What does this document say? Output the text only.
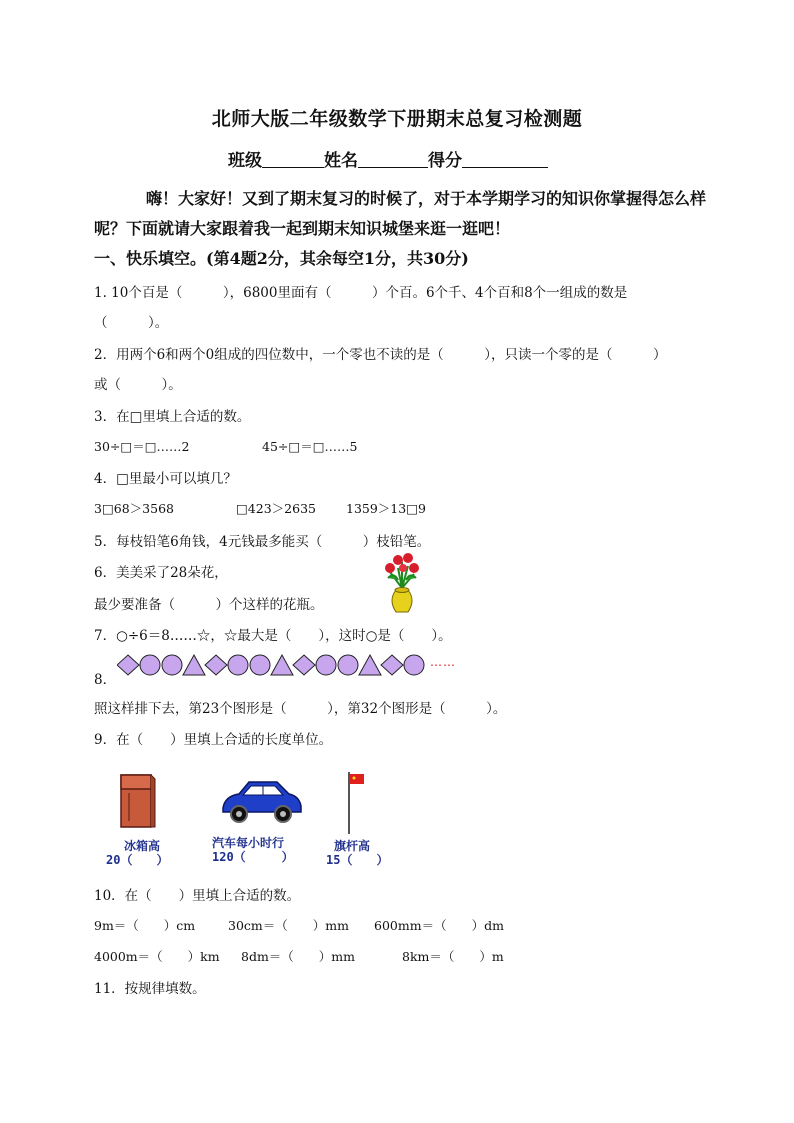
北师大版二年级数学下册期末总复习检测题
班级	姓名	得分
嗨！大家好！又到了期末复习的时候了，对于本学期学习的知识你掌握得怎么样
呢？下面就请大家跟着我一起到期末知识城堡来逛一逛吧！
一、快乐填空。(第4题2分，其余每空1分，共30分)
1. 10个百是（　　　），6800里面有（　　　）个百。6个千、4个百和8个一组成的数是
（　　　）。
2．用两个6和两个0组成的四位数中，一个零也不读的是（　　　），只读一个零的是（　　　）
或（　　　）。
3．在□里填上合适的数。
30÷□＝□……2	45÷□＝□……5
4．□里最小可以填几？
3□68＞3568	□423＞2635 1359＞13□9
5．每枝铅笔6角钱，4元钱最多能买（　　　）枝铅笔。
6．美美采了28朵花，
最少要准备（　　　）个这样的花瓶。
7．○÷6＝8……☆，☆最大是（　　），这时○是（　　）。
8．
……
照这样排下去，第23个图形是（　　　），第32个图形是（　　　）。
9．在（　　）里填上合适的长度单位。
冰箱高
20（　　）
汽车每小时行
120（　　　）
旗杆高
15（　　）
10．在（　　）里填上合适的数。
9m＝（　　）cm	30cm＝（　　）mm 600mm＝（　　）dm
4000m＝（　　）km 8dm＝（　　）mm	8km＝（　　）m
11．按规律填数。
